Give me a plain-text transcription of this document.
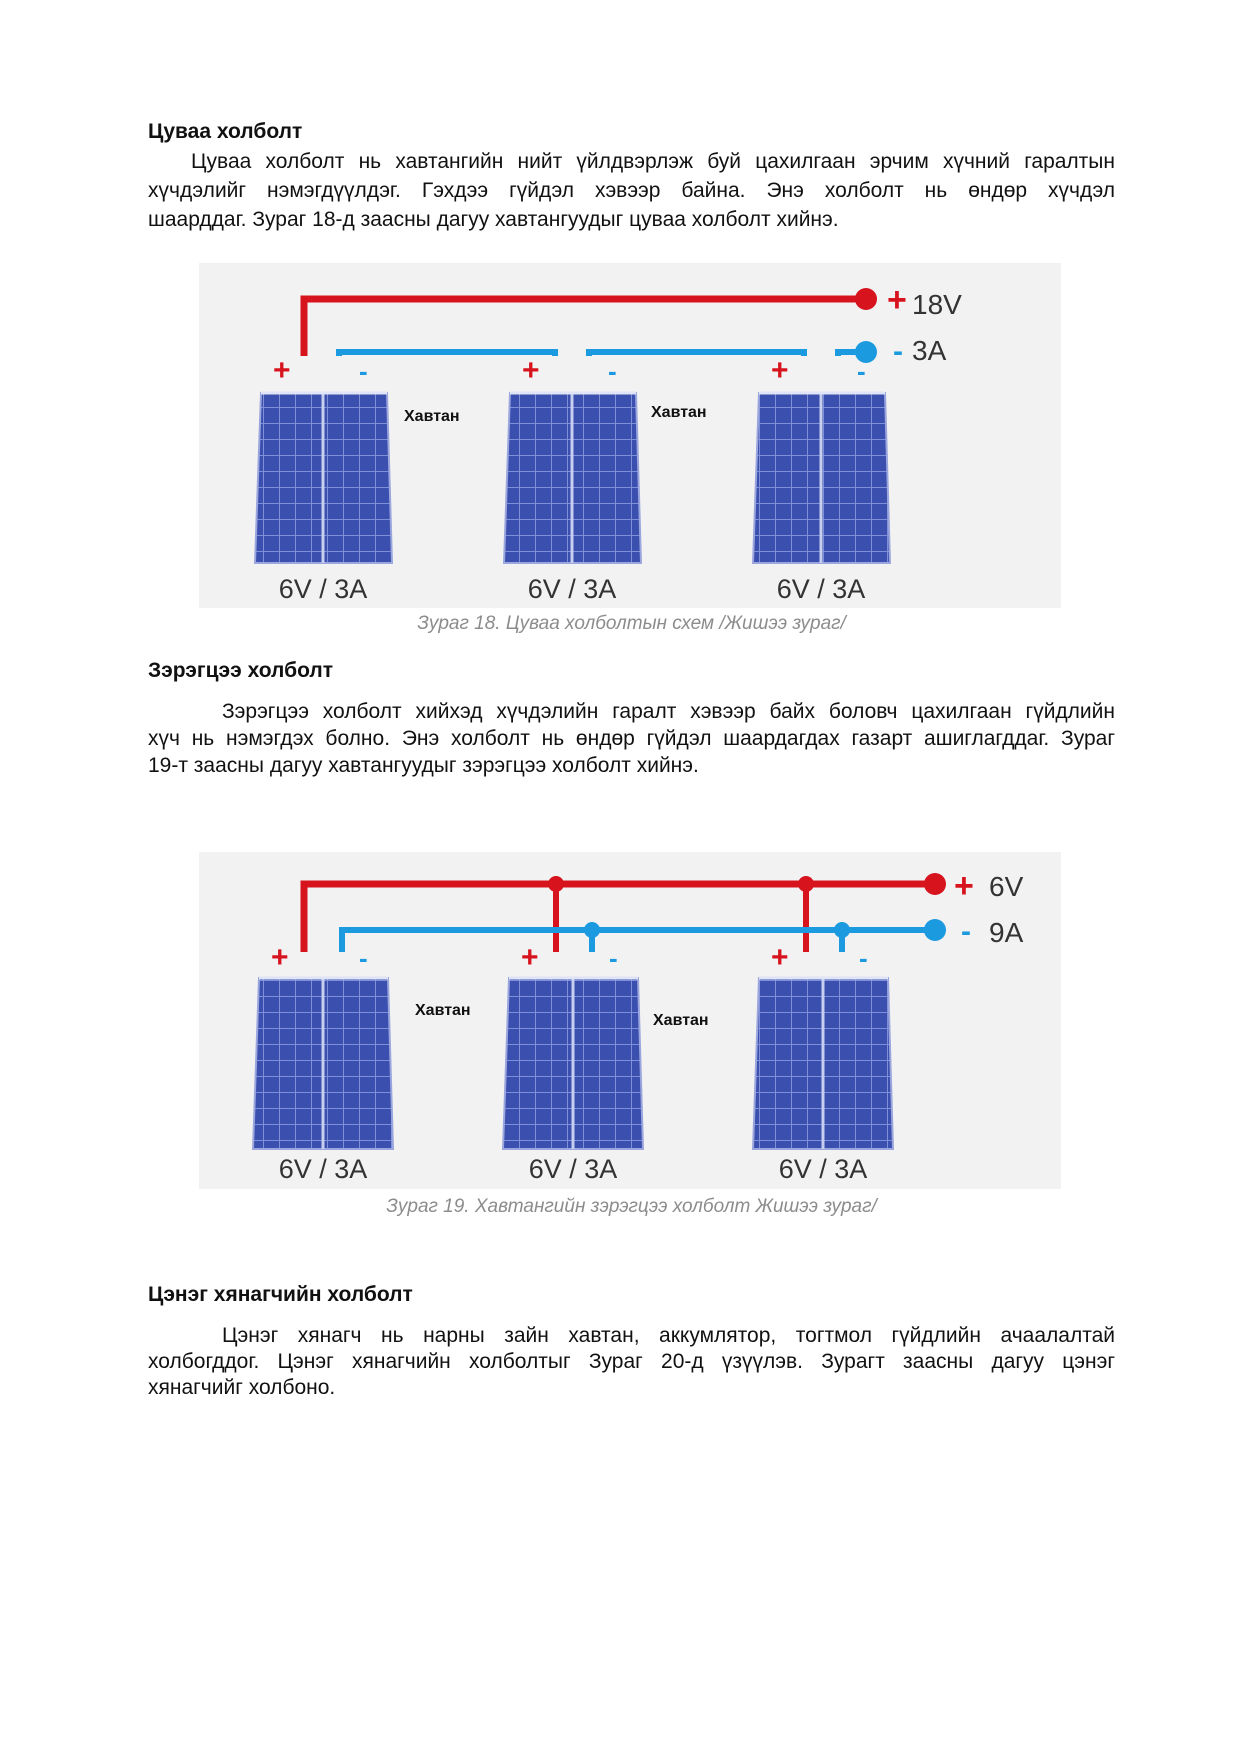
Цуваа холболт

Цуваа холболт нь хавтангийн нийт үйлдвэрлэж буй цахилгаан эрчим хүчний гаралтын
хүчдэлийг нэмэгдүүлдэг. Гэхдээ гүйдэл хэвээр байна. Энэ холболт нь өндөр хүчдэл
шаарддаг. Зураг 18-д заасны дагуу хавтангуудыг цуваа холболт хийнэ.

+ 18V
- 3A
+	-
6V / 3A
+	-
6V / 3A
+	-
6V / 3A
Хавтан	Хавтан

Зураг 18. Цуваа холболтын схем /Жишээ зураг/

Зэрэгцээ холболт

Зэрэгцээ холболт хийхэд хүчдэлийн гаралт хэвээр байх боловч цахилгаан гүйдлийн
хүч нь нэмэгдэх болно. Энэ холболт нь өндөр гүйдэл шаардагдах газарт ашиглагддаг. Зураг
19-т заасны дагуу хавтангуудыг зэрэгцээ холболт хийнэ.

+ 6V
- 9A
+	-
6V / 3A
+	-
6V / 3A
+	-
6V / 3A
Хавтан
Хавтан

Зураг 19. Хавтангийн зэрэгцээ холболт Жишээ зураг/

Цэнэг хянагчийн холболт

Цэнэг хянагч нь нарны зайн хавтан, аккумлятор, тогтмол гүйдлийн ачаалалтай
холбогддог. Цэнэг хянагчийн холболтыг Зураг 20-д үзүүлэв. Зурагт заасны дагуу цэнэг
хянагчийг холбоно.
